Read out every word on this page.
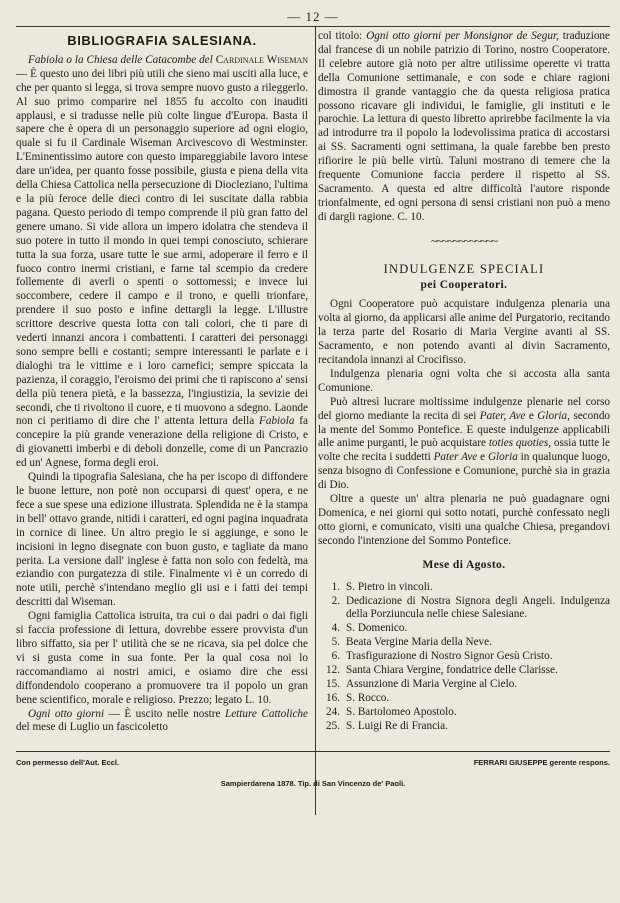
— 12 —
BIBLIOGRAFIA SALESIANA.

Fabiola o la Chiesa delle Catacombe del Cardinale Wiseman — È questo uno dei libri più utili che sieno mai usciti alla luce, e che per quanto si legga, si trova sempre nuovo gusto a rileggerlo. Al suo primo comparire nel 1855 fu accolto con inauditi applausi, e si tradusse nelle più colte lingue d'Europa. Basta il sapere che è opera di un personaggio superiore ad ogni elogio, quale si fu il Cardinale Wiseman Arcivescovo di Westminster. L'Eminentissimo autore con questo impareggiabile lavoro intese dare un'idea, per quanto fosse possibile, giusta e piena della vita della Chiesa Cattolica nella persecuzione di Diocleziano, l'ultima e la più feroce delle dieci contro di lei suscitate dalla rabbia pagana. Questo periodo di tempo comprende il più gran fatto del genere umano. Si vide allora un impero idolatra che stendeva il suo potere in tutto il mondo in quei tempi conosciuto, schierare tutta la sua forza, usare tutte le sue armi, adoperare il ferro e il fuoco contro inermi cristiani, e farne tal scempio da credere follemente di averli o spenti o sottomessi; e invece lui soccombere, cedere il campo e il trono, e quelli trionfare, prendere il suo posto e infine dettargli la legge. L'illustre scrittore descrive questa lotta con tali colori, che ti pare di vederti innanzi ancora i combattenti. I caratteri dei personaggi sono sempre belli e costanti; sempre interessanti le parlate e i dialoghi tra le vittime e i loro carnefici; sempre spiccata la pazienza, il coraggio, l'eroismo dei primi che ti rapiscono a' sensi della più tenera pietà, e la bassezza, l'ingiustizia, la sevizie dei secondi, che ti rivoltono il cuore, e ti muovono a sdegno. Laonde non ci peritiamo di dire che l' attenta lettura della Fabiola fa concepire la più grande venerazione della religione di Cristo, e di giovanetti imberbi e di deboli donzelle, come di un Pancrazio ed un' Agnese, forma degli eroi.

Quindi la tipografia Salesiana, che ha per iscopo di diffondere le buone letture, non potè non occuparsi di quest' opera, e ne fece a sue spese una edizione illustrata. Splendida ne è la stampa in bell' ottavo grande, nitidi i caratteri, ed ogni pagina inquadrata in cornice di linee. Un altro pregio le si aggiunge, e sono le incisioni in legno disegnate con buon gusto, e tagliate da mano perita. La versione dall' inglese è fatta non solo con fedeltà, ma eziandio con purgatezza di stile. Finalmente vi è un corredo di note utili, perchè s'intendano meglio gli usi e i fatti dei tempi descritti dal Wiseman.

Ogni famiglia Cattolica istruita, tra cui o dai padri o dai figli si faccia professione di lettura, dovrebbe essere provvista d'un libro siffatto, sia per l' utilità che se ne ricava, sia pel dolce che vi si gusta come in sua fonte. Per la qual cosa noi lo raccomandiamo ai nostri amici, e osiamo dire che essi diffondendolo cooperano a promuovere tra il popolo un gran bene scientifico, morale e religioso. Prezzo; legato L. 10.

Ogni otto giorni — È uscito nelle nostre Letture Cattoliche del mese di Luglio un fascicoletto

col titolo: Ogni otto giorni per Monsignor de Segur, traduzione dal francese di un nobile patrizio di Torino, nostro Cooperatore. Il celebre autore già noto per altre utilissime operette vi tratta della Comunione settimanale, e con sode e chiare ragioni dimostra il grande vantaggio che da questa religiosa pratica possono ricavare gli individui, le famiglie, gli instituti e le parochie. La lettura di questo libretto aprirebbe facilmente la via ad introdurre tra il popolo la lodevolissima pratica di accostarsi ai SS. Sacramenti ogni settimana, la quale farebbe ben presto rifiorire le più belle virtù. Taluni mostrano di temere che la frequente Comunione faccia perdere il rispetto al SS. Sacramento. A questa ed altre difficoltà l'autore risponde trionfalmente, ed ogni persona di sensi cristiani non può a meno di dargli ragione. C. 10.

~~~~~~~~~~~~
INDULGENZE SPECIALI
pei Cooperatori.

Ogni Cooperatore può acquistare indulgenza plenaria una volta al giorno, da applicarsi alle anime del Purgatorio, recitando la terza parte del Rosario di Maria Vergine avanti al SS. Sacramento, e non potendo avanti al divin Sacramento, recitandola innanzi al Crocifisso.

Indulgenza plenaria ogni volta che si accosta alla santa Comunione.

Può altresì lucrare moltissime indulgenze plenarie nel corso del giorno mediante la recita di sei Pater, Ave e Gloria, secondo la mente del Sommo Pontefice. E queste indulgenze applicabili alle anime purganti, le può acquistare toties quoties, ossia tutte le volte che recita i suddetti Pater Ave e Gloria in qualunque luogo, senza bisogno di Confessione e Comunione, purchè sia in grazia di Dio.

Oltre a queste un' altra plenaria ne può guadagnare ogni Domenica, e nei giorni qui sotto notati, purchè confessato negli otto giorni, e comunicato, visiti una qualche Chiesa, pregandovi secondo l'intenzione del Sommo Pontefice.

Mese di Agosto.
1. S. Pietro in vincoli.
2. Dedicazione di Nostra Signora degli Angeli. Indulgenza della Porziuncula nelle chiese Salesiane.
4. S. Domenico.
5. Beata Vergine Maria della Neve.
6. Trasfigurazione di Nostro Signor Gesù Cristo.
12. Santa Chiara Vergine, fondatrice delle Clarisse.
15. Assunzione di Maria Vergine al Cielo.
16. S. Rocco.
24. S. Bartolomeo Apostolo.
25. S. Luigi Re di Francia.
Con permesso dell'Aut. Eccl.	FERRARI GIUSEPPE gerente respons.
Sampierdarena 1878. Tip. di San Vincenzo de' Paoli.
